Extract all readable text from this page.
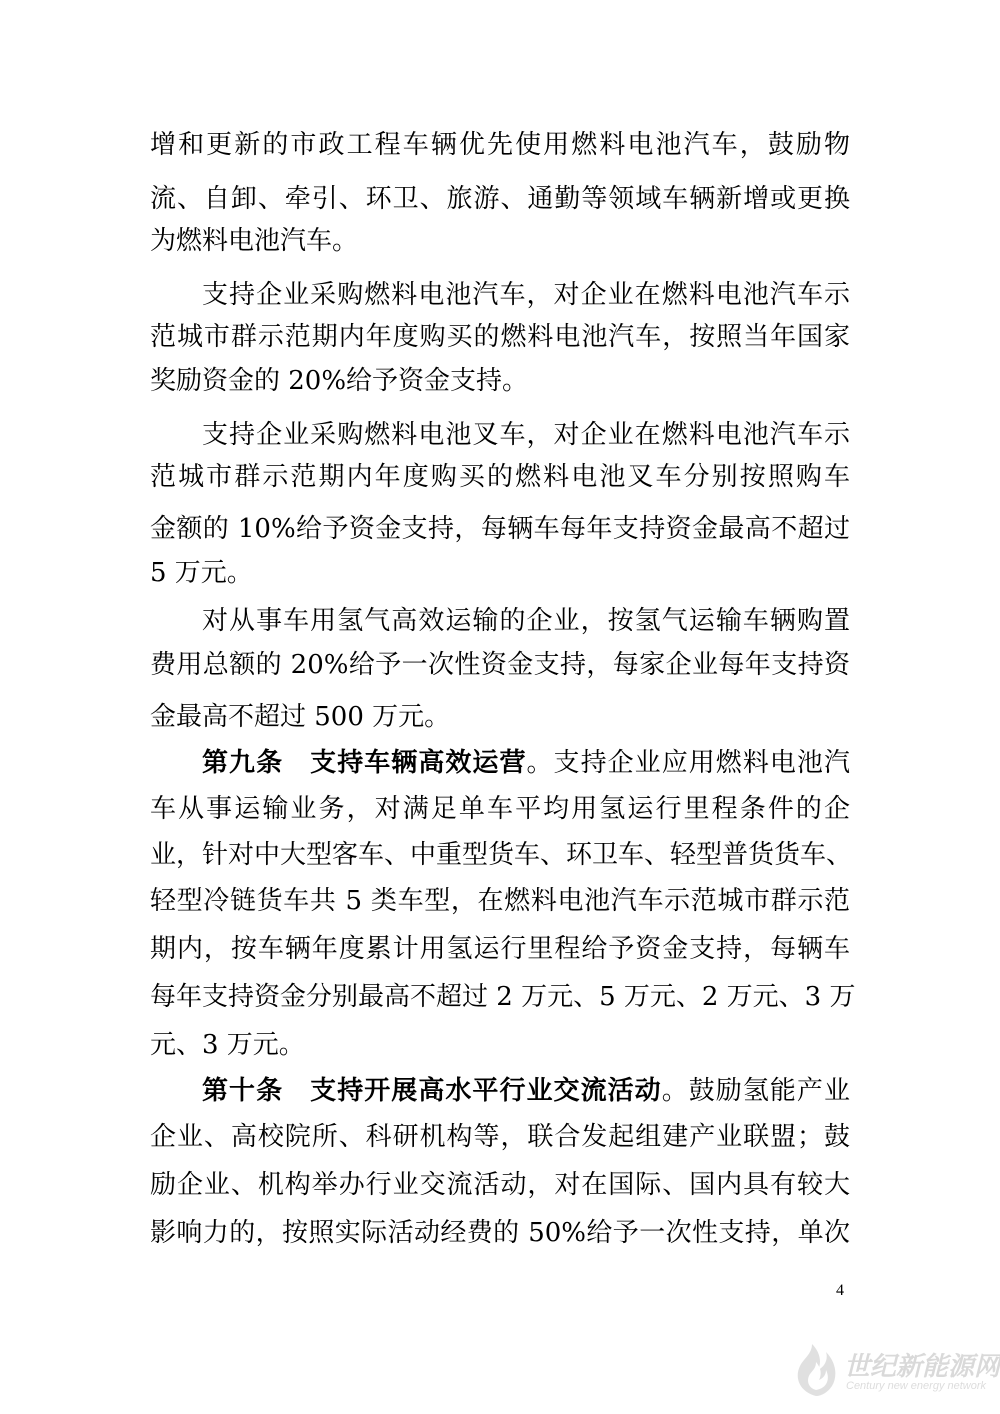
增和更新的市政工程车辆优先使用燃料电池汽车，鼓励物
流、自卸、牵引、环卫、旅游、通勤等领域车辆新增或更换
为燃料电池汽车。
支持企业采购燃料电池汽车，对企业在燃料电池汽车示
范城市群示范期内年度购买的燃料电池汽车，按照当年国家
奖励资金的 20%给予资金支持。
支持企业采购燃料电池叉车，对企业在燃料电池汽车示
范城市群示范期内年度购买的燃料电池叉车分别按照购车
金额的 10%给予资金支持，每辆车每年支持资金最高不超过
5 万元。
对从事车用氢气高效运输的企业，按氢气运输车辆购置
费用总额的 20%给予一次性资金支持，每家企业每年支持资
金最高不超过 500 万元。
第九条 支持车辆高效运营。支持企业应用燃料电池汽
车从事运输业务，对满足单车平均用氢运行里程条件的企
业，针对中大型客车、中重型货车、环卫车、轻型普货货车、
轻型冷链货车共 5 类车型，在燃料电池汽车示范城市群示范
期内，按车辆年度累计用氢运行里程给予资金支持，每辆车
每年支持资金分别最高不超过 2 万元、5 万元、2 万元、3 万
元、3 万元。
第十条 支持开展高水平行业交流活动。鼓励氢能产业
企业、高校院所、科研机构等，联合发起组建产业联盟；鼓
励企业、机构举办行业交流活动，对在国际、国内具有较大
影响力的，按照实际活动经费的 50%给予一次性支持，单次
4
世纪新能源网
Century new energy network
